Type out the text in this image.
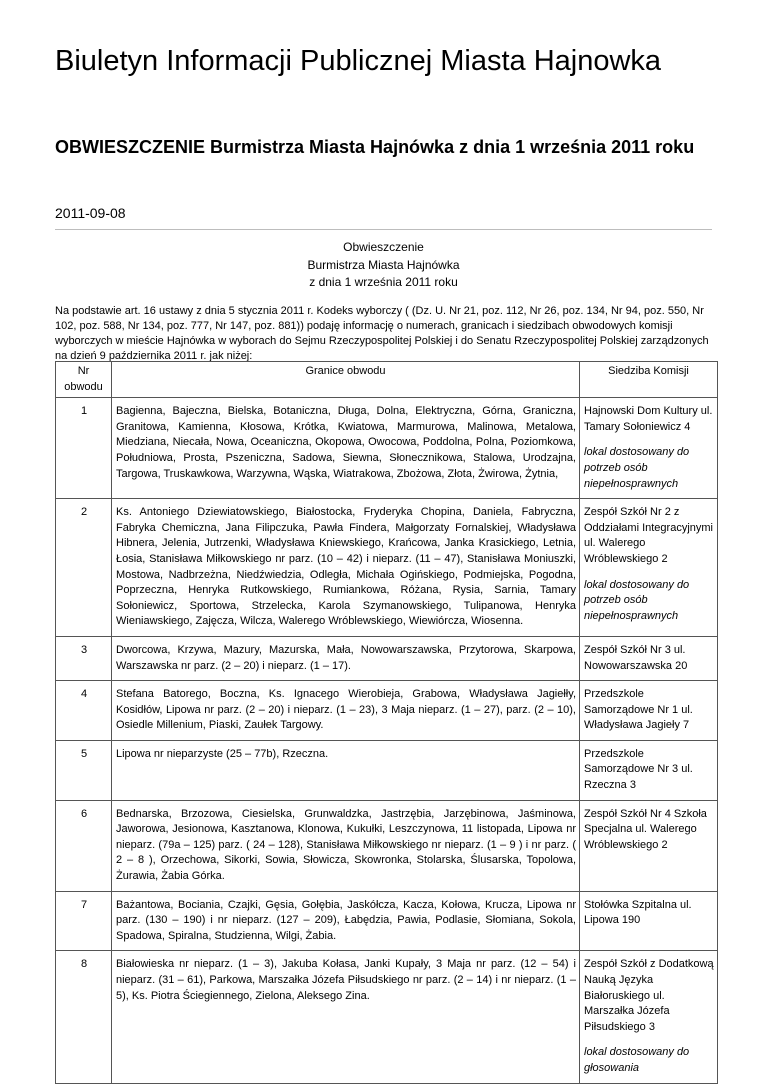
Biuletyn Informacji Publicznej Miasta Hajnowka
OBWIESZCZENIE Burmistrza Miasta Hajnówka z dnia 1 września 2011 roku
2011-09-08
Obwieszczenie
Burmistrza Miasta Hajnówka
z dnia 1 września 2011 roku
Na podstawie art. 16 ustawy z dnia 5 stycznia 2011 r. Kodeks wyborczy ( (Dz. U. Nr 21, poz. 112, Nr 26, poz. 134, Nr 94, poz. 550, Nr 102, poz. 588, Nr 134, poz. 777, Nr 147, poz. 881)) podaję informację o numerach, granicach i siedzibach obwodowych komisji wyborczych w mieście Hajnówka w wyborach do Sejmu Rzeczypospolitej Polskiej i do Senatu Rzeczypospolitej Polskiej zarządzonych na dzień 9 października 2011 r. jak niżej:
Nr obwodu	Granice obwodu	Siedziba Komisji
1	Bagienna, Bajeczna, Bielska, Botaniczna, Długa, Dolna, Elektryczna, Górna, Graniczna, Granitowa, Kamienna, Kłosowa, Krótka, Kwiatowa, Marmurowa, Malinowa, Metalowa, Miedziana, Niecała, Nowa, Oceaniczna, Okopowa, Owocowa, Poddolna, Polna, Poziomkowa, Południowa, Prosta, Pszeniczna, Sadowa, Siewna, Słonecznikowa, Stalowa, Urodzajna, Targowa, Truskawkowa, Warzywna, Wąska, Wiatrakowa, Zbożowa, Złota, Żwirowa, Żytnia,	Hajnowski Dom Kultury ul. Tamary Sołoniewicz 4
lokal dostosowany do potrzeb osób niepełnosprawnych

2	Ks. Antoniego Dziewiatowskiego, Białostocka, Fryderyka Chopina, Daniela, Fabryczna, Fabryka Chemiczna, Jana Filipczuka, Pawła Findera, Małgorzaty Fornalskiej, Władysława Hibnera, Jelenia, Jutrzenki, Władysława Kniewskiego, Krańcowa, Janka Krasickiego, Letnia, Łosia, Stanisława Miłkowskiego nr parz. (10 – 42) i nieparz. (11 – 47), Stanisława Moniuszki, Mostowa, Nadbrzeżna, Niedźwiedzia, Odległa, Michała Ogińskiego, Podmiejska, Pogodna, Poprzeczna, Henryka Rutkowskiego, Rumiankowa, Różana, Rysia, Sarnia, Tamary Sołoniewicz, Sportowa, Strzelecka, Karola Szymanowskiego, Tulipanowa, Henryka Wieniawskiego, Zajęcza, Wilcza, Walerego Wróblewskiego, Wiewiórcza, Wiosenna.	Zespół Szkół Nr 2 z Oddziałami Integracyjnymi ul. Walerego Wróblewskiego 2
lokal dostosowany do potrzeb osób niepełnosprawnych

3	Dworcowa, Krzywa, Mazury, Mazurska, Mała, Nowowarszawska, Przytorowa, Skarpowa, Warszawska nr parz. (2 – 20) i nieparz. (1 – 17).	Zespół Szkół Nr 3 ul. Nowowarszawska 20

4	Stefana Batorego, Boczna, Ks. Ignacego Wierobieja, Grabowa, Władysława Jagiełły, Kosidłów, Lipowa nr parz. (2 – 20) i nieparz. (1 – 23), 3 Maja nieparz. (1 – 27), parz. (2 – 10), Osiedle Millenium, Piaski, Zaułek Targowy.	Przedszkole Samorządowe Nr 1 ul. Władysława Jagieły 7

5	Lipowa nr nieparzyste (25 – 77b), Rzeczna.	Przedszkole Samorządowe Nr 3 ul. Rzeczna 3

6	Bednarska, Brzozowa, Ciesielska, Grunwaldzka, Jastrzębia, Jarzębinowa, Jaśminowa, Jaworowa, Jesionowa, Kasztanowa, Klonowa, Kukułki, Leszczynowa, 11 listopada, Lipowa nr nieparz. (79a – 125) parz. ( 24 – 128), Stanisława Miłkowskiego nr nieparz. (1 – 9 ) i nr parz. ( 2 – 8 ), Orzechowa, Sikorki, Sowia, Słowicza, Skowronka, Stolarska, Ślusarska, Topolowa, Żurawia, Żabia Górka.	Zespół Szkół Nr 4 Szkoła Specjalna ul. Walerego Wróblewskiego 2

7	Bażantowa, Bociania, Czajki, Gęsia, Gołębia, Jaskółcza, Kacza, Kołowa, Krucza, Lipowa nr parz. (130 – 190) i nr nieparz. (127 – 209), Łabędzia, Pawia, Podlasie, Słomiana, Sokola, Spadowa, Spiralna, Studzienna, Wilgi, Żabia.	Stołówka Szpitalna ul. Lipowa 190

8	Białowieska nr nieparz. (1 – 3), Jakuba Kołasa, Janki Kupały, 3 Maja nr parz. (12 – 54) i nieparz. (31 – 61), Parkowa, Marszałka Józefa Piłsudskiego nr parz. (2 – 14) i nr nieparz. (1 – 5), Ks. Piotra Ściegiennego, Zielona, Aleksego Zina.	Zespół Szkół z Dodatkową Nauką Języka Białoruskiego ul. Marszałka Józefa Piłsudskiego 3
lokal dostosowany do głosowania
